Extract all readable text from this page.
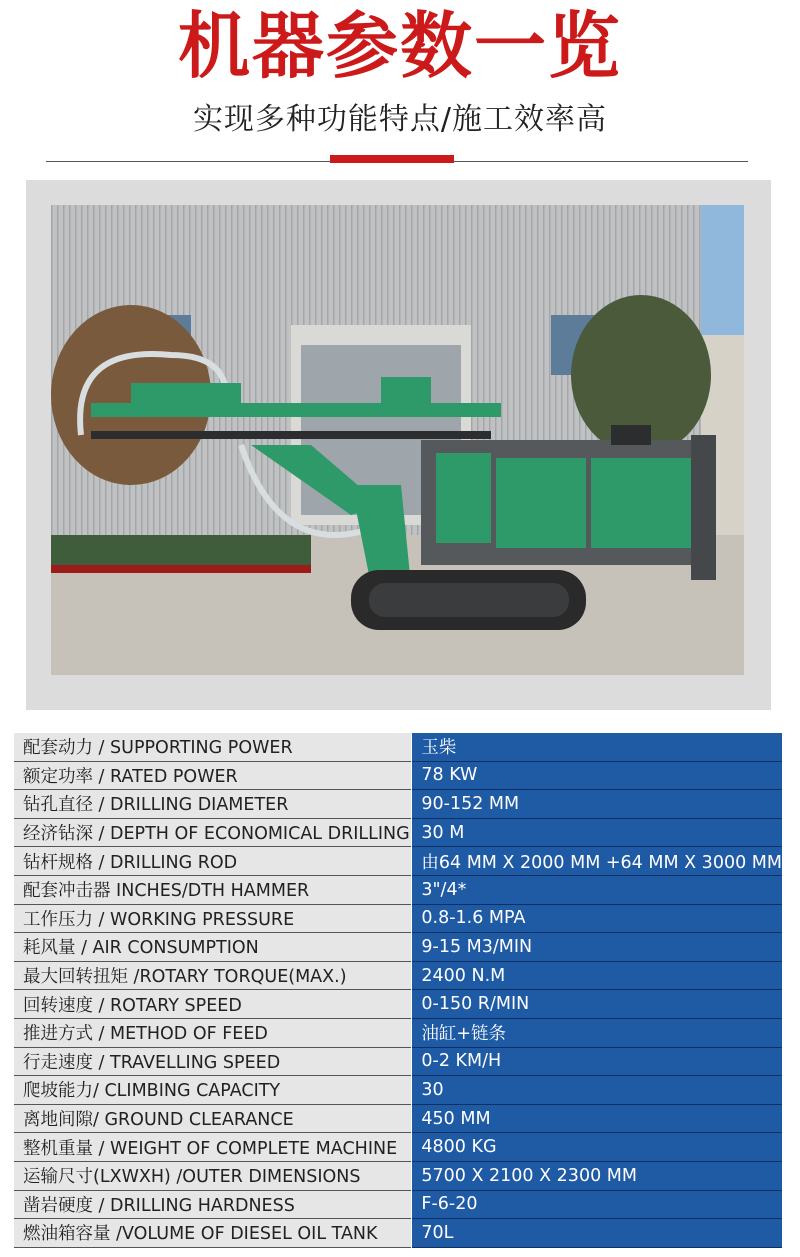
机器参数一览
实现多种功能特点/施工效率高
配套动力 / SUPPORTING POWER		玉柴
额定功率 / RATED POWER		78 KW
钻孔直径 / DRILLING DIAMETER		90-152 MM
经济钻深 / DEPTH OF ECONOMICAL DRILLING		30 M
钻杆规格 / DRILLING ROD		由64 MM X 2000 MM +64 MM X 3000 MM
配套冲击器 INCHES/DTH HAMMER		3"/4*
工作压力 / WORKING PRESSURE		0.8-1.6 MPA
耗风量 / AIR CONSUMPTION		9-15 M3/MIN
最大回转扭矩 /ROTARY TORQUE(MAX.)		2400 N.M
回转速度 / ROTARY SPEED		0-150 R/MIN
推进方式 / METHOD OF FEED		油缸+链条
行走速度 / TRAVELLING SPEED		0-2 KM/H
爬坡能力/ CLIMBING CAPACITY		30
离地间隙/ GROUND CLEARANCE		450 MM
整机重量 / WEIGHT OF COMPLETE MACHINE		4800 KG
运输尺寸(LXWXH) /OUTER DIMENSIONS		5700 X 2100 X 2300 MM
凿岩硬度 / DRILLING HARDNESS		F-6-20
燃油箱容量 /VOLUME OF DIESEL OIL TANK		70L
